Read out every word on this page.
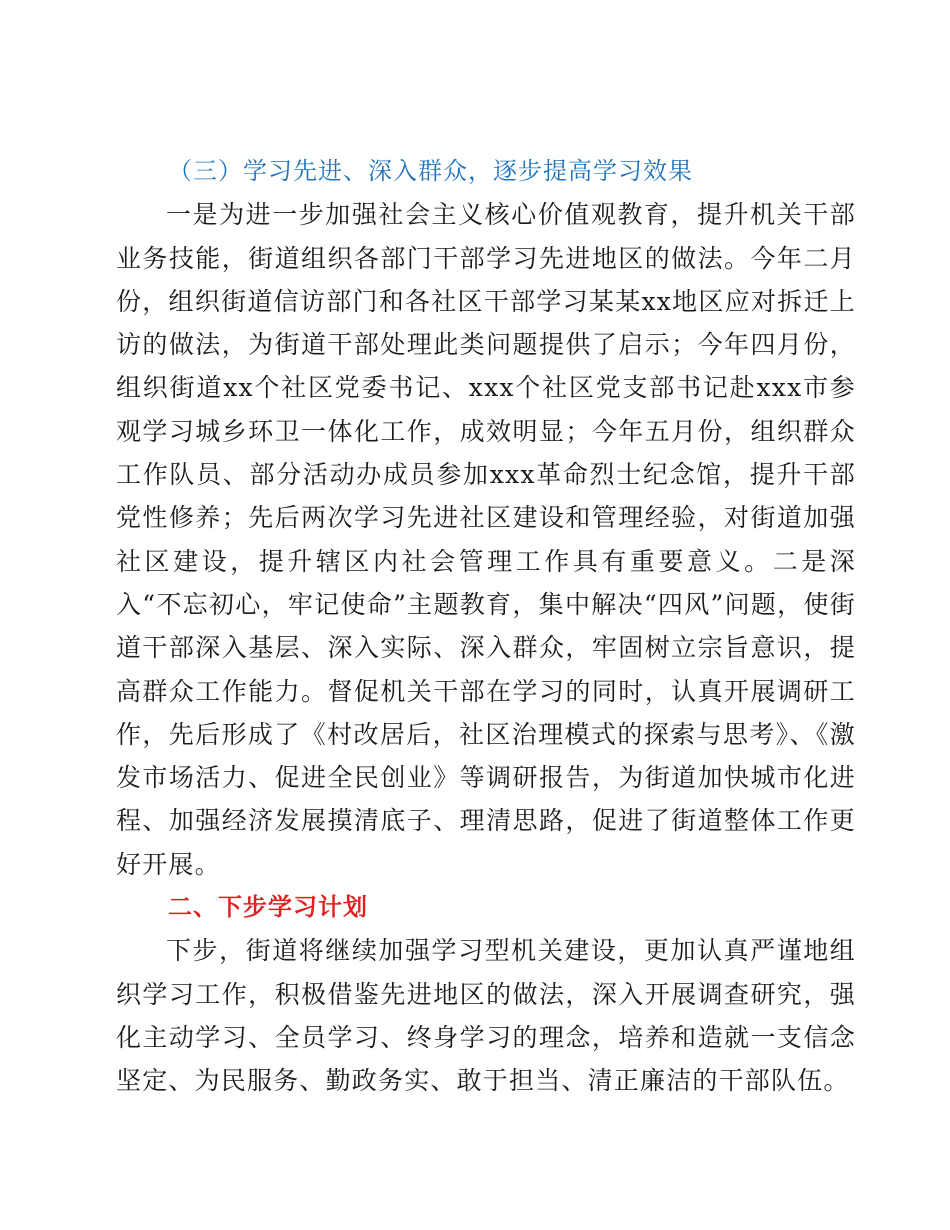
（三）学习先进、深入群众，逐步提高学习效果

一是为进一步加强社会主义核心价值观教育，提升机关干部业务技能，街道组织各部门干部学习先进地区的做法。今年二月份，组织街道信访部门和各社区干部学习某某xx地区应对拆迁上访的做法，为街道干部处理此类问题提供了启示；今年四月份，组织街道xx个社区党委书记、xxx个社区党支部书记赴xxx市参观学习城乡环卫一体化工作，成效明显；今年五月份，组织群众工作队员、部分活动办成员参加xxx革命烈士纪念馆，提升干部党性修养；先后两次学习先进社区建设和管理经验，对街道加强社区建设，提升辖区内社会管理工作具有重要意义。二是深入“不忘初心，牢记使命”主题教育，集中解决“四风”问题，使街道干部深入基层、深入实际、深入群众，牢固树立宗旨意识，提高群众工作能力。督促机关干部在学习的同时，认真开展调研工作，先后形成了《村改居后，社区治理模式的探索与思考》、《激发市场活力、促进全民创业》等调研报告，为街道加快城市化进程、加强经济发展摸清底子、理清思路，促进了街道整体工作更好开展。

二、下步学习计划

下步，街道将继续加强学习型机关建设，更加认真严谨地组织学习工作，积极借鉴先进地区的做法，深入开展调查研究，强化主动学习、全员学习、终身学习的理念，培养和造就一支信念坚定、为民服务、勤政务实、敢于担当、清正廉洁的干部队伍。
